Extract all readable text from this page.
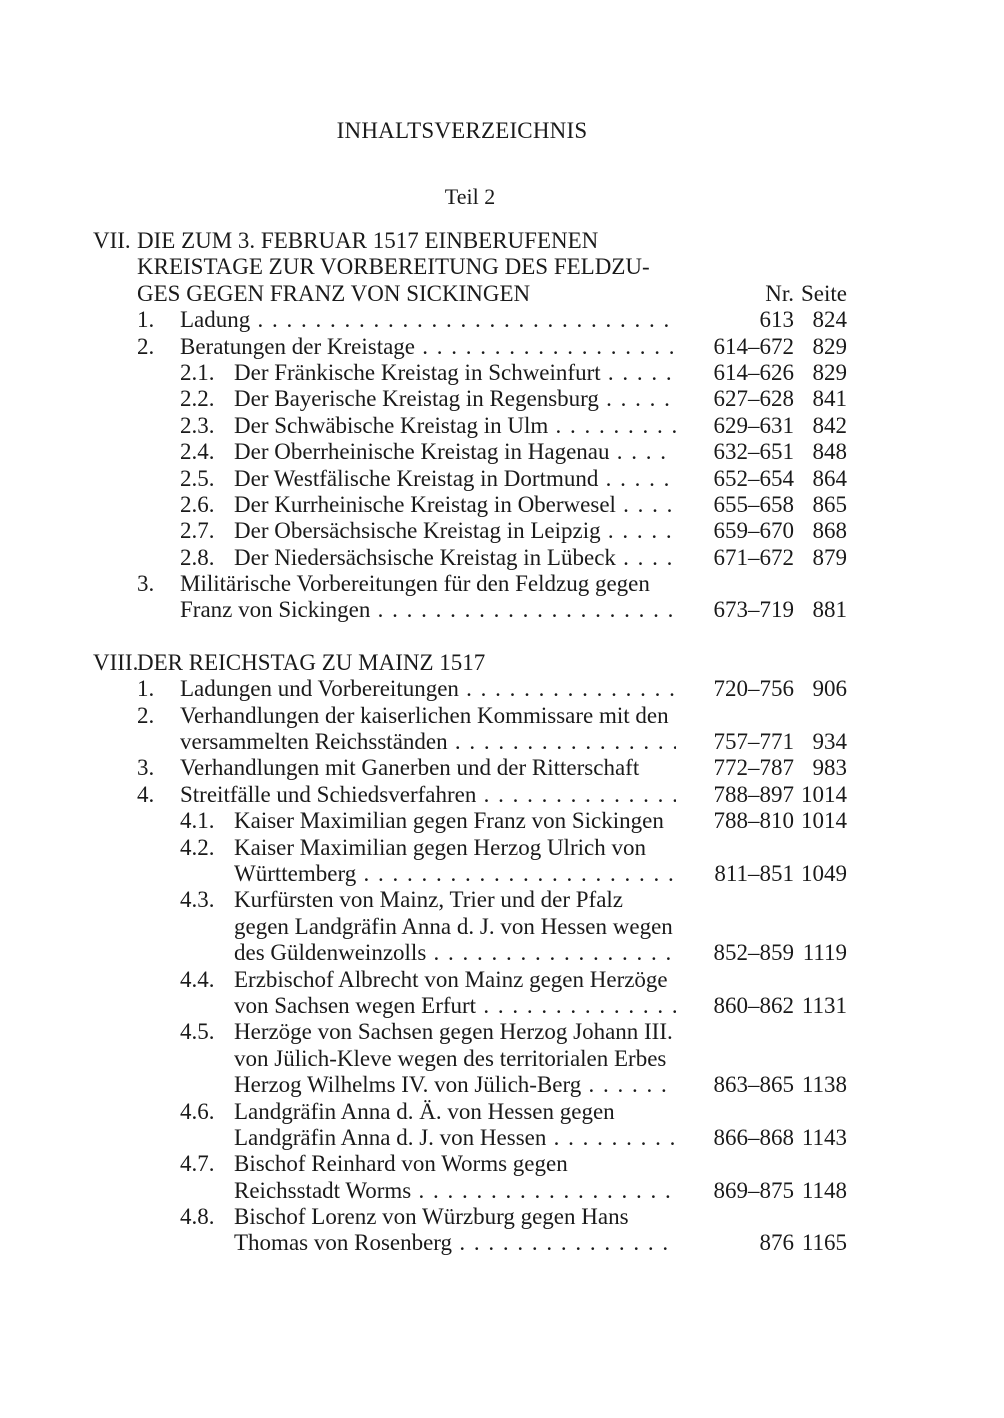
INHALTSVERZEICHNIS
Teil 2
VII. DIE ZUM 3. FEBRUAR 1517 EINBERUFENEN
KREISTAGE ZUR VORBEREITUNG DES FELDZU-
GES GEGEN FRANZ VON SICKINGEN	Nr. Seite
1. Ladung . . .	613 824
2. Beratungen der Kreistage . . .	614–672 829
2.1. Der Fränkische Kreistag in Schweinfurt . . .	614–626 829
2.2. Der Bayerische Kreistag in Regensburg . . .	627–628 841
2.3. Der Schwäbische Kreistag in Ulm . . .	629–631 842
2.4. Der Oberrheinische Kreistag in Hagenau . . .	632–651 848
2.5. Der Westfälische Kreistag in Dortmund . . .	652–654 864
2.6. Der Kurrheinische Kreistag in Oberwesel . . .	655–658 865
2.7. Der Obersächsische Kreistag in Leipzig . . .	659–670 868
2.8. Der Niedersächsische Kreistag in Lübeck . . .	671–672 879
3. Militärische Vorbereitungen für den Feldzug gegen
Franz von Sickingen . . .	673–719 881
VIII.
DER REICHSTAG ZU MAINZ 1517
1. Ladungen und Vorbereitungen . . .	720–756 906
2. Verhandlungen der kaiserlichen Kommissare mit den
versammelten Reichsständen . . .	757–771 934
3. Verhandlungen mit Ganerben und der Ritterschaft	772–787 983
4. Streitfälle und Schiedsverfahren . . .	788–897 1014
4.1. Kaiser Maximilian gegen Franz von Sickingen	788–810 1014
4.2. Kaiser Maximilian gegen Herzog Ulrich von
Württemberg . . .	811–851 1049
4.3. Kurfürsten von Mainz, Trier und der Pfalz
gegen Landgräfin Anna d. J. von Hessen wegen
des Güldenweinzolls . . .	852–859 1119
4.4. Erzbischof Albrecht von Mainz gegen Herzöge
von Sachsen wegen Erfurt . . .	860–862 1131
4.5. Herzöge von Sachsen gegen Herzog Johann III.
von Jülich-Kleve wegen des territorialen Erbes
Herzog Wilhelms IV. von Jülich-Berg . . .	863–865 1138
4.6. Landgräfin Anna d. Ä. von Hessen gegen
Landgräfin Anna d. J. von Hessen . . .	866–868 1143
4.7. Bischof Reinhard von Worms gegen
Reichsstadt Worms . . .	869–875 1148
4.8. Bischof Lorenz von Würzburg gegen Hans
Thomas von Rosenberg . . .	876 1165
